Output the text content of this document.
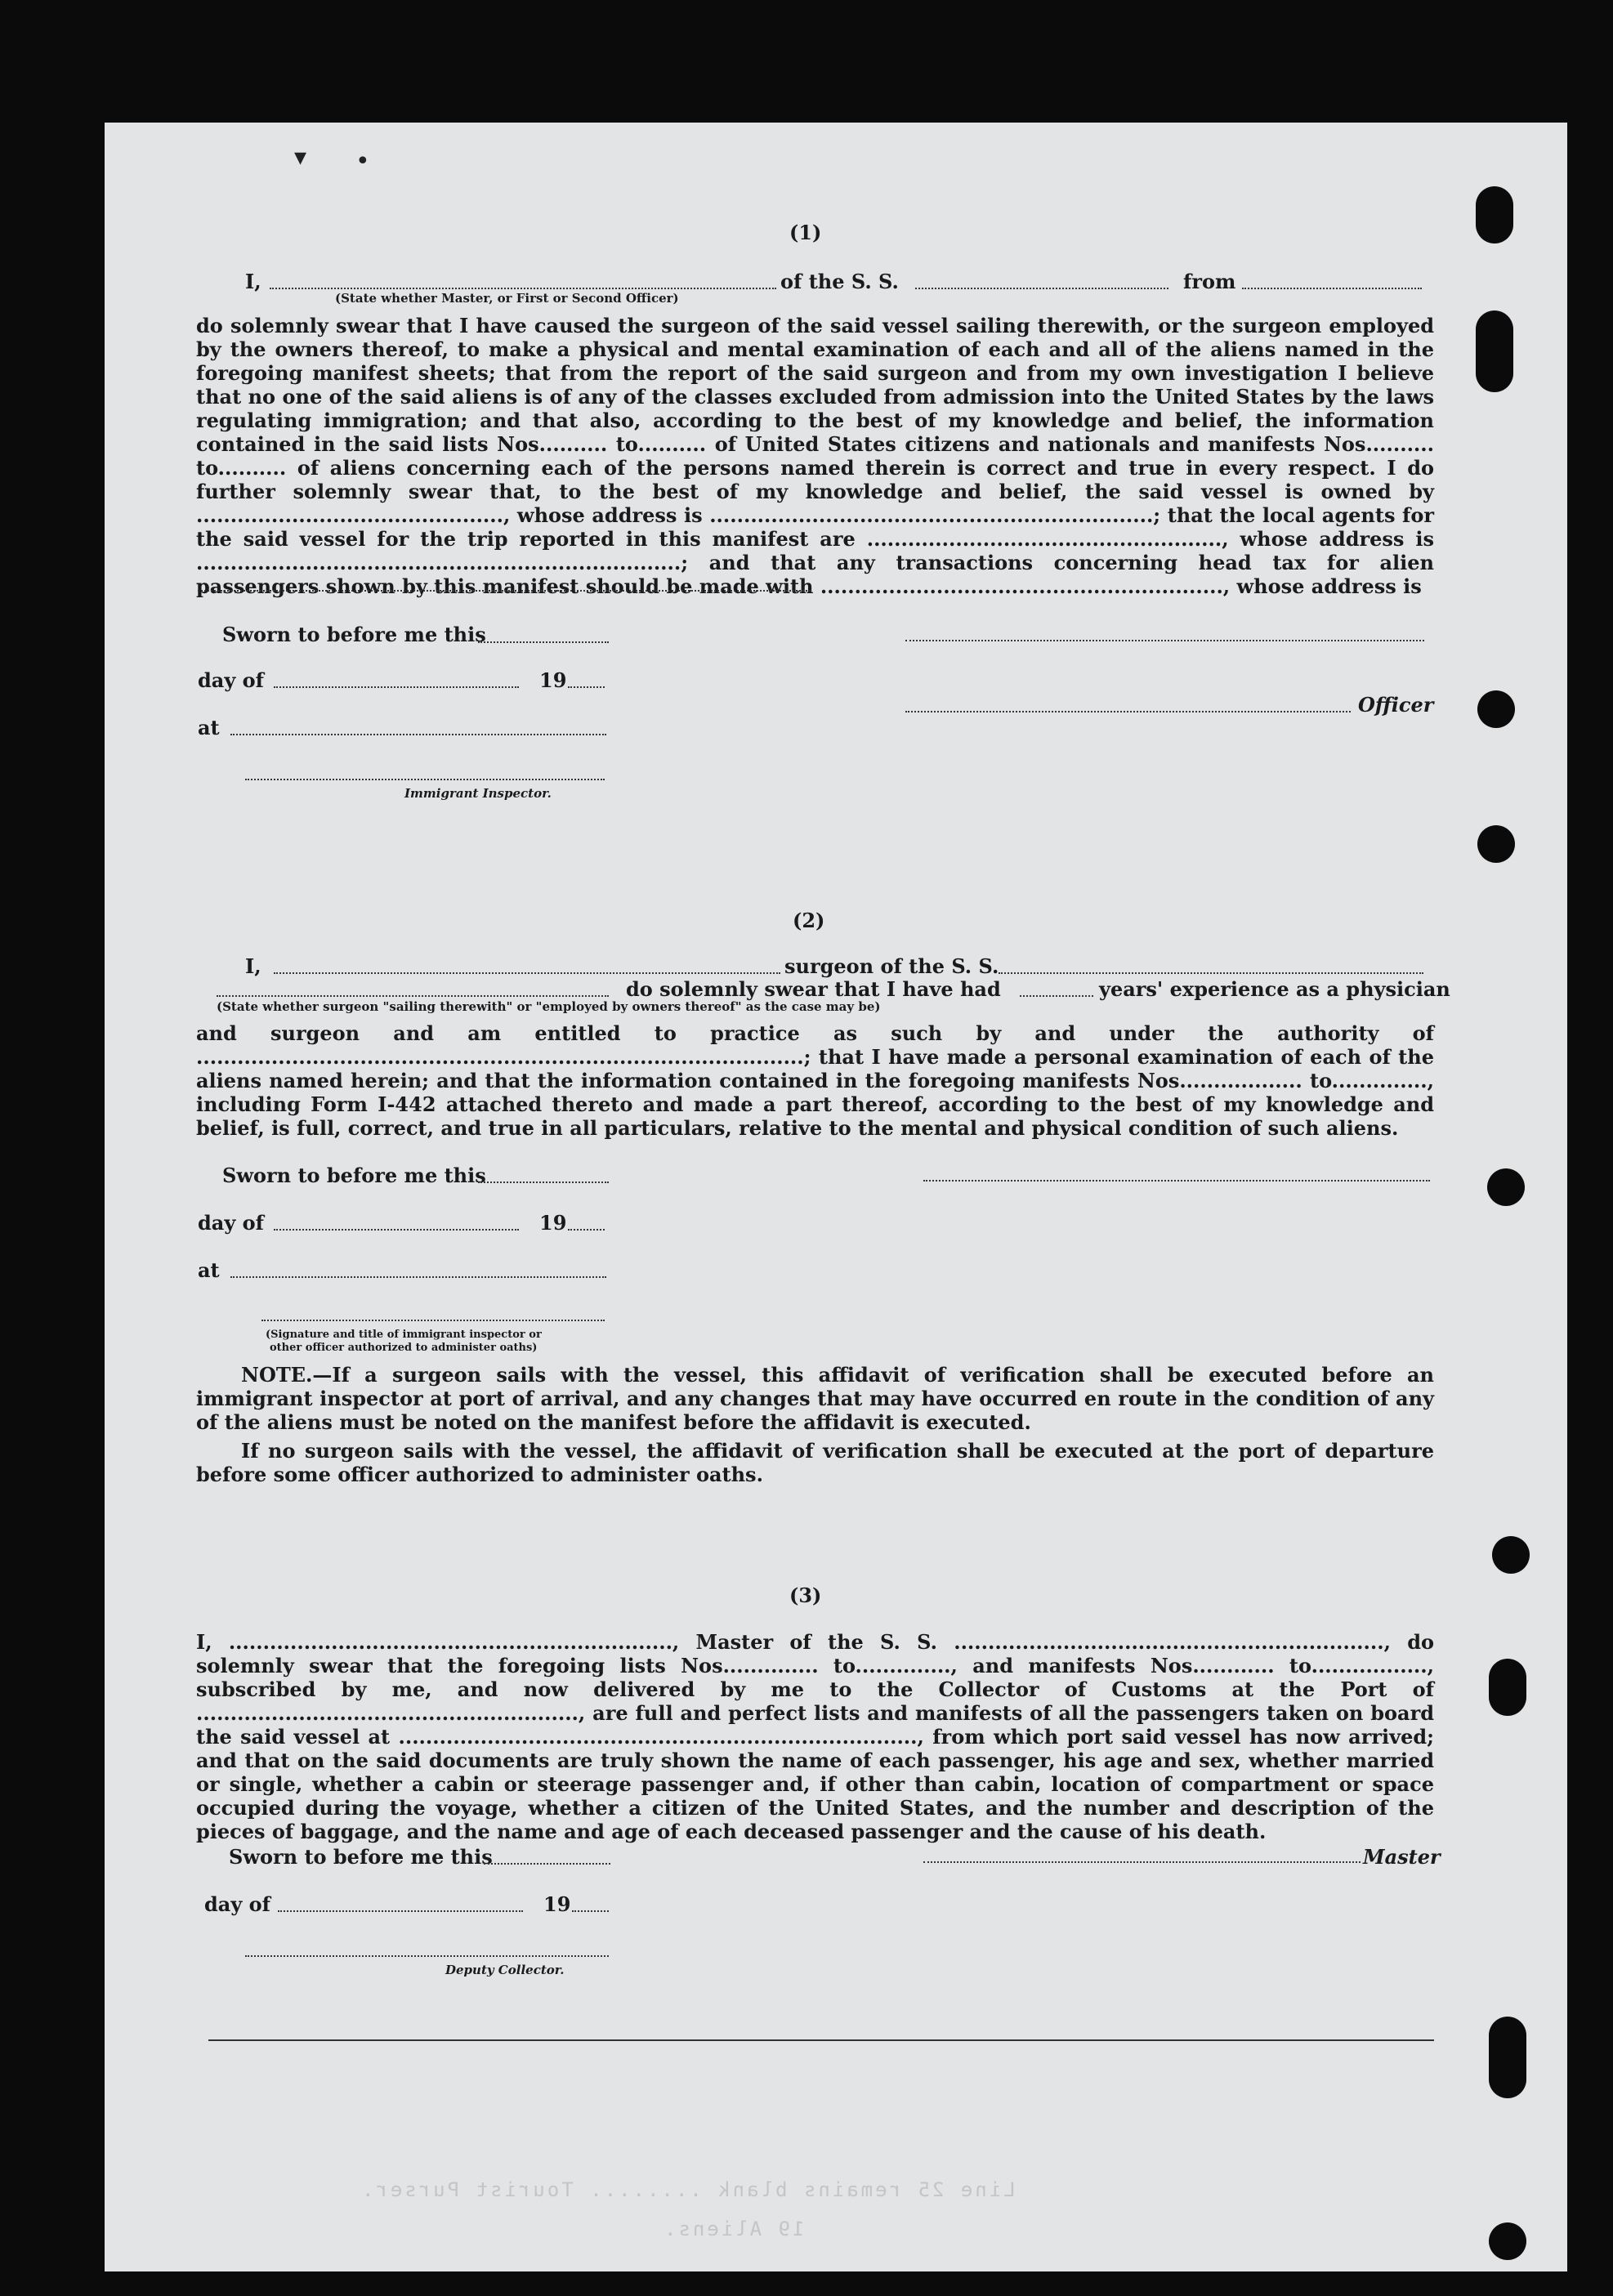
▾ •
(1)
I,	of the S. S.	from
(State whether Master, or First or Second Officer)

do solemnly swear that I have caused the surgeon of the said vessel sailing therewith, or the surgeon employed by the owners thereof, to make a physical and mental examination of each and all of the aliens named in the foregoing manifest sheets; that from the report of the said surgeon and from my own investigation I believe that no one of the said aliens is of any of the classes excluded from admission into the United States by the laws regulating immigration; and that also, according to the best of my knowledge and belief, the information contained in the said lists Nos.......... to.......... of United States citizens and nationals and manifests Nos.......... to.......... of aliens concerning each of the persons named therein is correct and true in every respect. I do further solemnly swear that, to the best of my knowledge and belief, the said vessel is owned by ............................................., whose address is .................................................................; that the local agents for the said vessel for the trip reported in this manifest are ...................................................., whose address is .......................................................................; and that any transactions concerning head tax for alien passengers shown by this manifest should be made with ..........................................................., whose address is

Sworn to before me this
day of	19
Officer
at
Immigrant Inspector.
(2)
I,	surgeon of the S. S.
do solemnly swear that I have had	years' experience as a physician
(State whether surgeon "sailing therewith" or "employed by owners thereof" as the case may be)

and surgeon and am entitled to practice as such by and under the authority of .........................................................................................; that I have made a personal examination of each of the aliens named herein; and that the information contained in the foregoing manifests Nos.................. to.............., including Form I-442 attached thereto and made a part thereof, according to the best of my knowledge and belief, is full, correct, and true in all particulars, relative to the mental and physical condition of such aliens.

Sworn to before me this
day of	19
at
(Signature and title of immigrant inspector or
other officer authorized to administer oaths)

NOTE.—If a surgeon sails with the vessel, this affidavit of verification shall be executed before an immigrant inspector at port of arrival, and any changes that may have occurred en route in the condition of any of the aliens must be noted on the manifest before the affidavit is executed.

If no surgeon sails with the vessel, the affidavit of verification shall be executed at the port of departure before some officer authorized to administer oaths.

(3)

I, ................................................................., Master of the S. S. ..............................................................., do solemnly swear that the foregoing lists Nos.............. to.............., and manifests Nos............ to................., subscribed by me, and now delivered by me to the Collector of Customs at the Port of ........................................................, are full and perfect lists and manifests of all the passengers taken on board the said vessel at ............................................................................, from which port said vessel has now arrived; and that on the said documents are truly shown the name of each passenger, his age and sex, whether married or single, whether a cabin or steerage passenger and, if other than cabin, location of compartment or space occupied during the voyage, whether a citizen of the United States, and the number and description of the pieces of baggage, and the name and age of each deceased passenger and the cause of his death.

Sworn to before me this	Master
day of	19
Deputy Collector.
Line 25 remains blank ........ Tourist Purser.
19 Aliens.
